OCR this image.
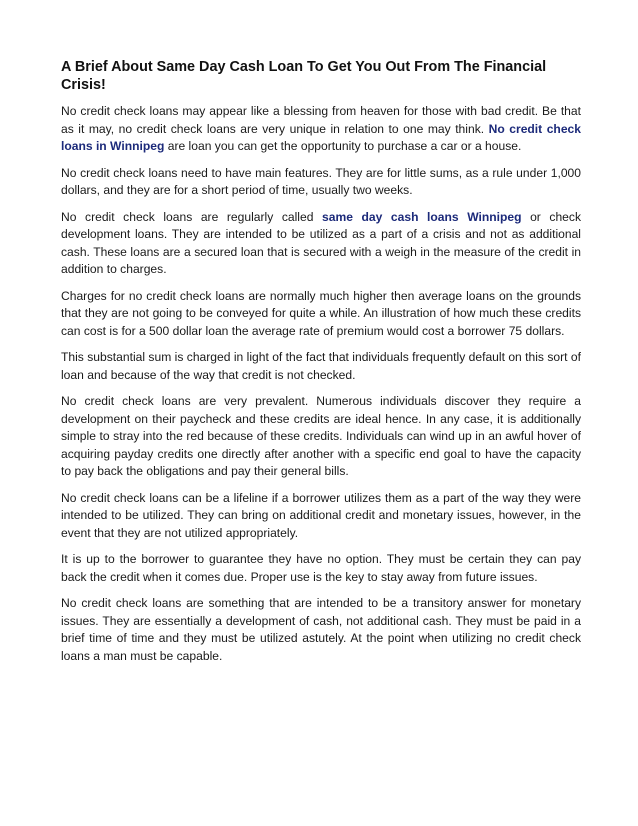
A Brief About Same Day Cash Loan To Get You Out From The Financial Crisis!

No credit check loans may appear like a blessing from heaven for those with bad credit. Be that as it may, no credit check loans are very unique in relation to one may think. No credit check loans in Winnipeg are loan you can get the opportunity to purchase a car or a house.

No credit check loans need to have main features. They are for little sums, as a rule under 1,000 dollars, and they are for a short period of time, usually two weeks.

No credit check loans are regularly called same day cash loans Winnipeg or check development loans. They are intended to be utilized as a part of a crisis and not as additional cash. These loans are a secured loan that is secured with a weigh in the measure of the credit in addition to charges.

Charges for no credit check loans are normally much higher then average loans on the grounds that they are not going to be conveyed for quite a while. An illustration of how much these credits can cost is for a 500 dollar loan the average rate of premium would cost a borrower 75 dollars.

This substantial sum is charged in light of the fact that individuals frequently default on this sort of loan and because of the way that credit is not checked.

No credit check loans are very prevalent. Numerous individuals discover they require a development on their paycheck and these credits are ideal hence. In any case, it is additionally simple to stray into the red because of these credits. Individuals can wind up in an awful hover of acquiring payday credits one directly after another with a specific end goal to have the capacity to pay back the obligations and pay their general bills.

No credit check loans can be a lifeline if a borrower utilizes them as a part of the way they were intended to be utilized. They can bring on additional credit and monetary issues, however, in the event that they are not utilized appropriately.

It is up to the borrower to guarantee they have no option. They must be certain they can pay back the credit when it comes due. Proper use is the key to stay away from future issues.

No credit check loans are something that are intended to be a transitory answer for monetary issues. They are essentially a development of cash, not additional cash. They must be paid in a brief time of time and they must be utilized astutely. At the point when utilizing no credit check loans a man must be capable.
